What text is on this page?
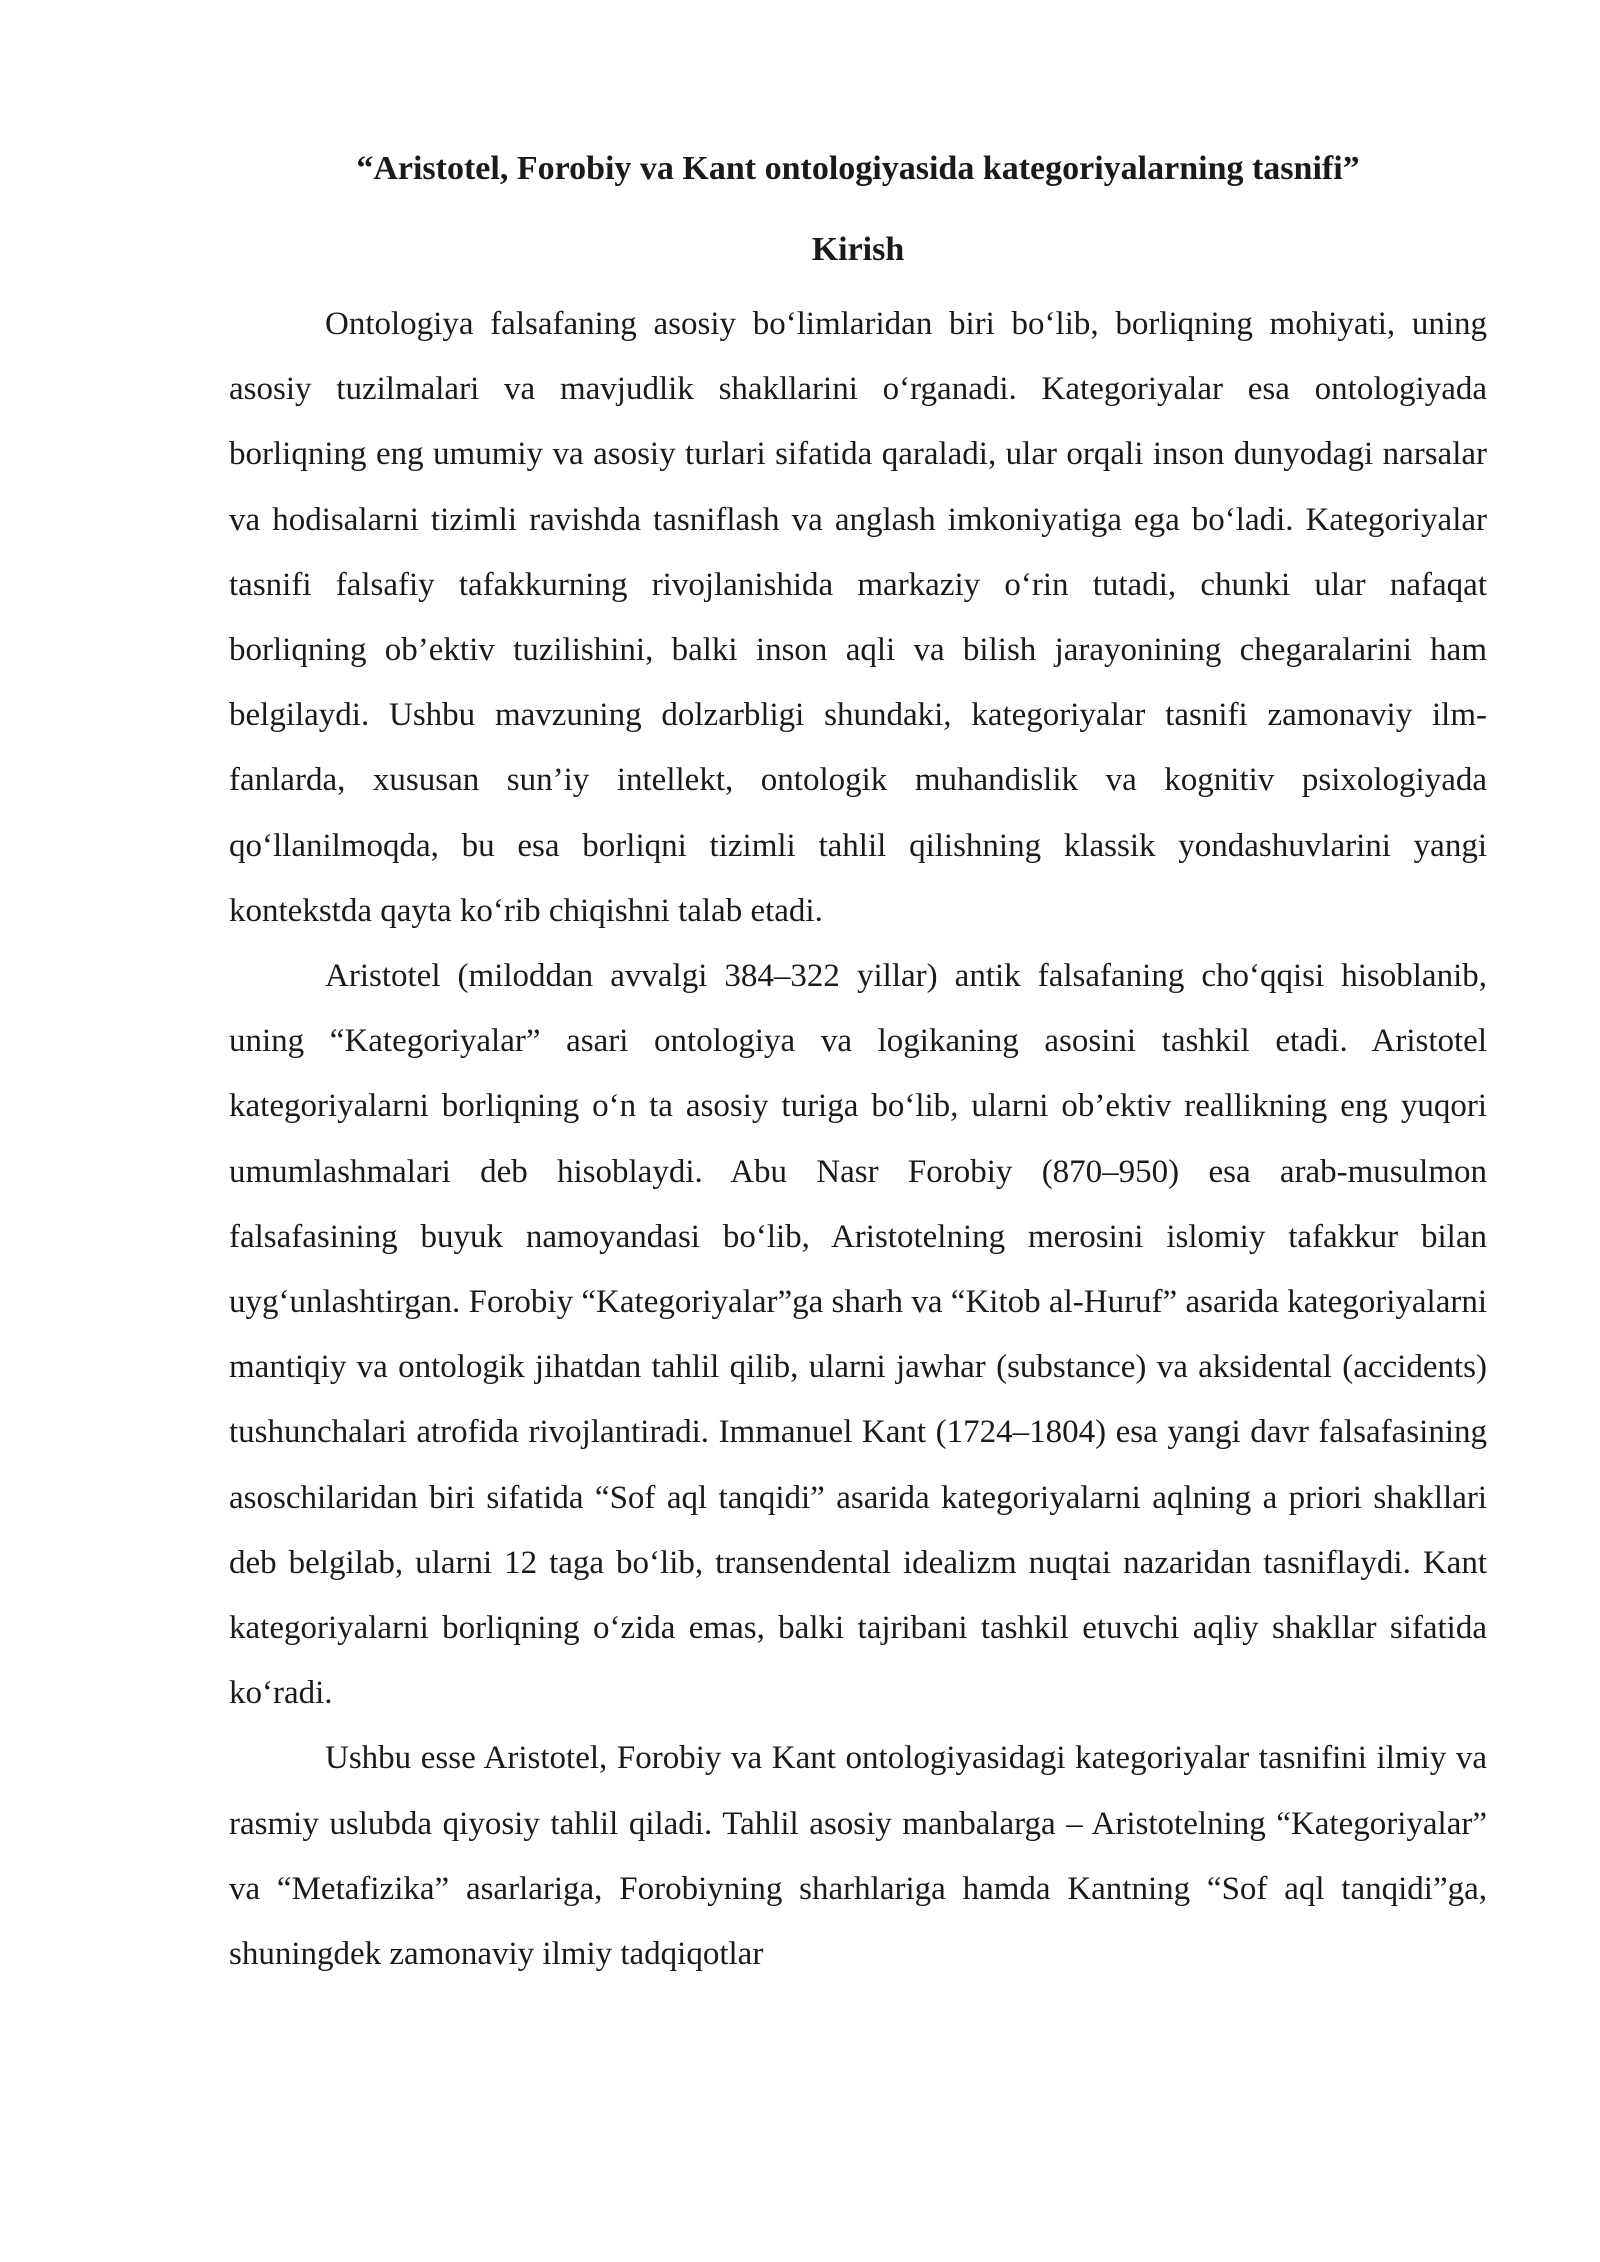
“Aristotel, Forobiy va Kant ontologiyasida kategoriyalarning tasnifi”
Kirish

Ontologiya falsafaning asosiy bo‘limlaridan biri bo‘lib, borliqning mohiyati, uning asosiy tuzilmalari va mavjudlik shakllarini o‘rganadi. Kategoriyalar esa ontologiyada borliqning eng umumiy va asosiy turlari sifatida qaraladi, ular orqali inson dunyodagi narsalar va hodisalarni tizimli ravishda tasniflash va anglash imkoniyatiga ega bo‘ladi. Kategoriyalar tasnifi falsafiy tafakkurning rivojlanishida markaziy o‘rin tutadi, chunki ular nafaqat borliqning ob’ektiv tuzilishini, balki inson aqli va bilish jarayonining chegaralarini ham belgilaydi. Ushbu mavzuning dolzarbligi shundaki, kategoriyalar tasnifi zamonaviy ilm-fanlarda, xususan sun’iy intellekt, ontologik muhandislik va kognitiv psixologiyada qo‘llanilmoqda, bu esa borliqni tizimli tahlil qilishning klassik yondashuvlarini yangi kontekstda qayta ko‘rib chiqishni talab etadi.

Aristotel (miloddan avvalgi 384–322 yillar) antik falsafaning cho‘qqisi hisoblanib, uning “Kategoriyalar” asari ontologiya va logikaning asosini tashkil etadi. Aristotel kategoriyalarni borliqning o‘n ta asosiy turiga bo‘lib, ularni ob’ektiv reallikning eng yuqori umumlashmalari deb hisoblaydi. Abu Nasr Forobiy (870–950) esa arab-musulmon falsafasining buyuk namoyandasi bo‘lib, Aristotelning merosini islomiy tafakkur bilan uyg‘unlashtirgan. Forobiy “Kategoriyalar”ga sharh va “Kitob al-Huruf” asarida kategoriyalarni mantiqiy va ontologik jihatdan tahlil qilib, ularni jawhar (substance) va aksidental (accidents) tushunchalari atrofida rivojlantiradi. Immanuel Kant (1724–1804) esa yangi davr falsafasining asoschilaridan biri sifatida “Sof aql tanqidi” asarida kategoriyalarni aqlning a priori shakllari deb belgilab, ularni 12 taga bo‘lib, transendental idealizm nuqtai nazaridan tasniflaydi. Kant kategoriyalarni borliqning o‘zida emas, balki tajribani tashkil etuvchi aqliy shakllar sifatida ko‘radi.

Ushbu esse Aristotel, Forobiy va Kant ontologiyasidagi kategoriyalar tasnifini ilmiy va rasmiy uslubda qiyosiy tahlil qiladi. Tahlil asosiy manbalarga – Aristotelning “Kategoriyalar” va “Metafizika” asarlariga, Forobiyning sharhlariga hamda Kantning “Sof aql tanqidi”ga, shuningdek zamonaviy ilmiy tadqiqotlar
